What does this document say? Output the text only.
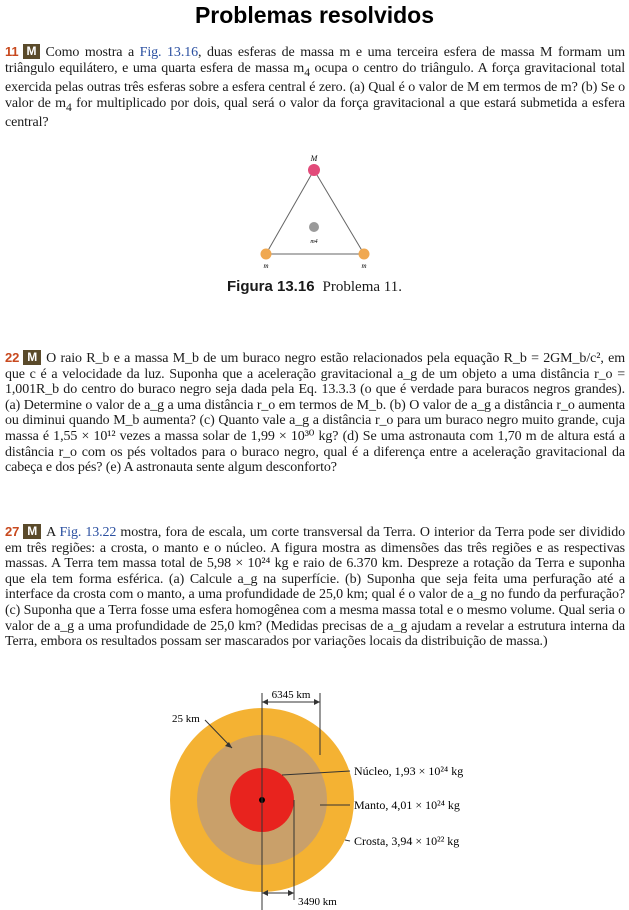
Problemas resolvidos
11 M Como mostra a Fig. 13.16, duas esferas de massa m e uma terceira esfera de massa M formam um triângulo equilátero, e uma quarta esfera de massa $m_4$ ocupa o centro do triângulo. A força gravitacional total exercida pelas outras três esferas sobre a esfera central é zero. (a) Qual é o valor de M em termos de m? (b) Se o valor de $m_4$ for multiplicado por dois, qual será o valor da força gravitacional a que estará submetida a esfera central?
M
m4
m	m
Figura 13.16 Problema 11.
22 M O raio R_b e a massa M_b de um buraco negro estão relacionados pela equação R_b = 2GM_b/c², em que c é a velocidade da luz. Suponha que a aceleração gravitacional a_g de um objeto a uma distância r_o = 1,001R_b do centro do buraco negro seja dada pela Eq. 13.3.3 (o que é verdade para buracos negros grandes). (a) Determine o valor de a_g a uma distância r_o em termos de M_b. (b) O valor de a_g a distância r_o aumenta ou diminui quando M_b aumenta? (c) Quanto vale a_g a distância r_o para um buraco negro muito grande, cuja massa é 1,55 × 10¹² vezes a massa solar de 1,99 × 10³⁰ kg? (d) Se uma astronauta com 1,70 m de altura está a distância r_o com os pés voltados para o buraco negro, qual é a diferença entre a aceleração gravitacional da cabeça e dos pés? (e) A astronauta sente algum desconforto?
27 M A Fig. 13.22 mostra, fora de escala, um corte transversal da Terra. O interior da Terra pode ser dividido em três regiões: a crosta, o manto e o núcleo. A figura mostra as dimensões das três regiões e as respectivas massas. A Terra tem massa total de 5,98 × 10²⁴ kg e raio de 6.370 km. Despreze a rotação da Terra e suponha que ela tem forma esférica. (a) Calcule a_g na superfície. (b) Suponha que seja feita uma perfuração até a interface da crosta com o manto, a uma profundidade de 25,0 km; qual é o valor de a_g no fundo da perfuração? (c) Suponha que a Terra fosse uma esfera homogênea com a mesma massa total e o mesmo volume. Qual seria o valor de a_g a uma profundidade de 25,0 km? (Medidas precisas de a_g ajudam a revelar a estrutura interna da Terra, embora os resultados possam ser mascarados por variações locais da distribuição de massa.)
6345 km
3490 km
25 km
Núcleo, 1,93 × 10²⁴ kg
Manto, 4,01 × 10²⁴ kg
Crosta, 3,94 × 10²² kg
